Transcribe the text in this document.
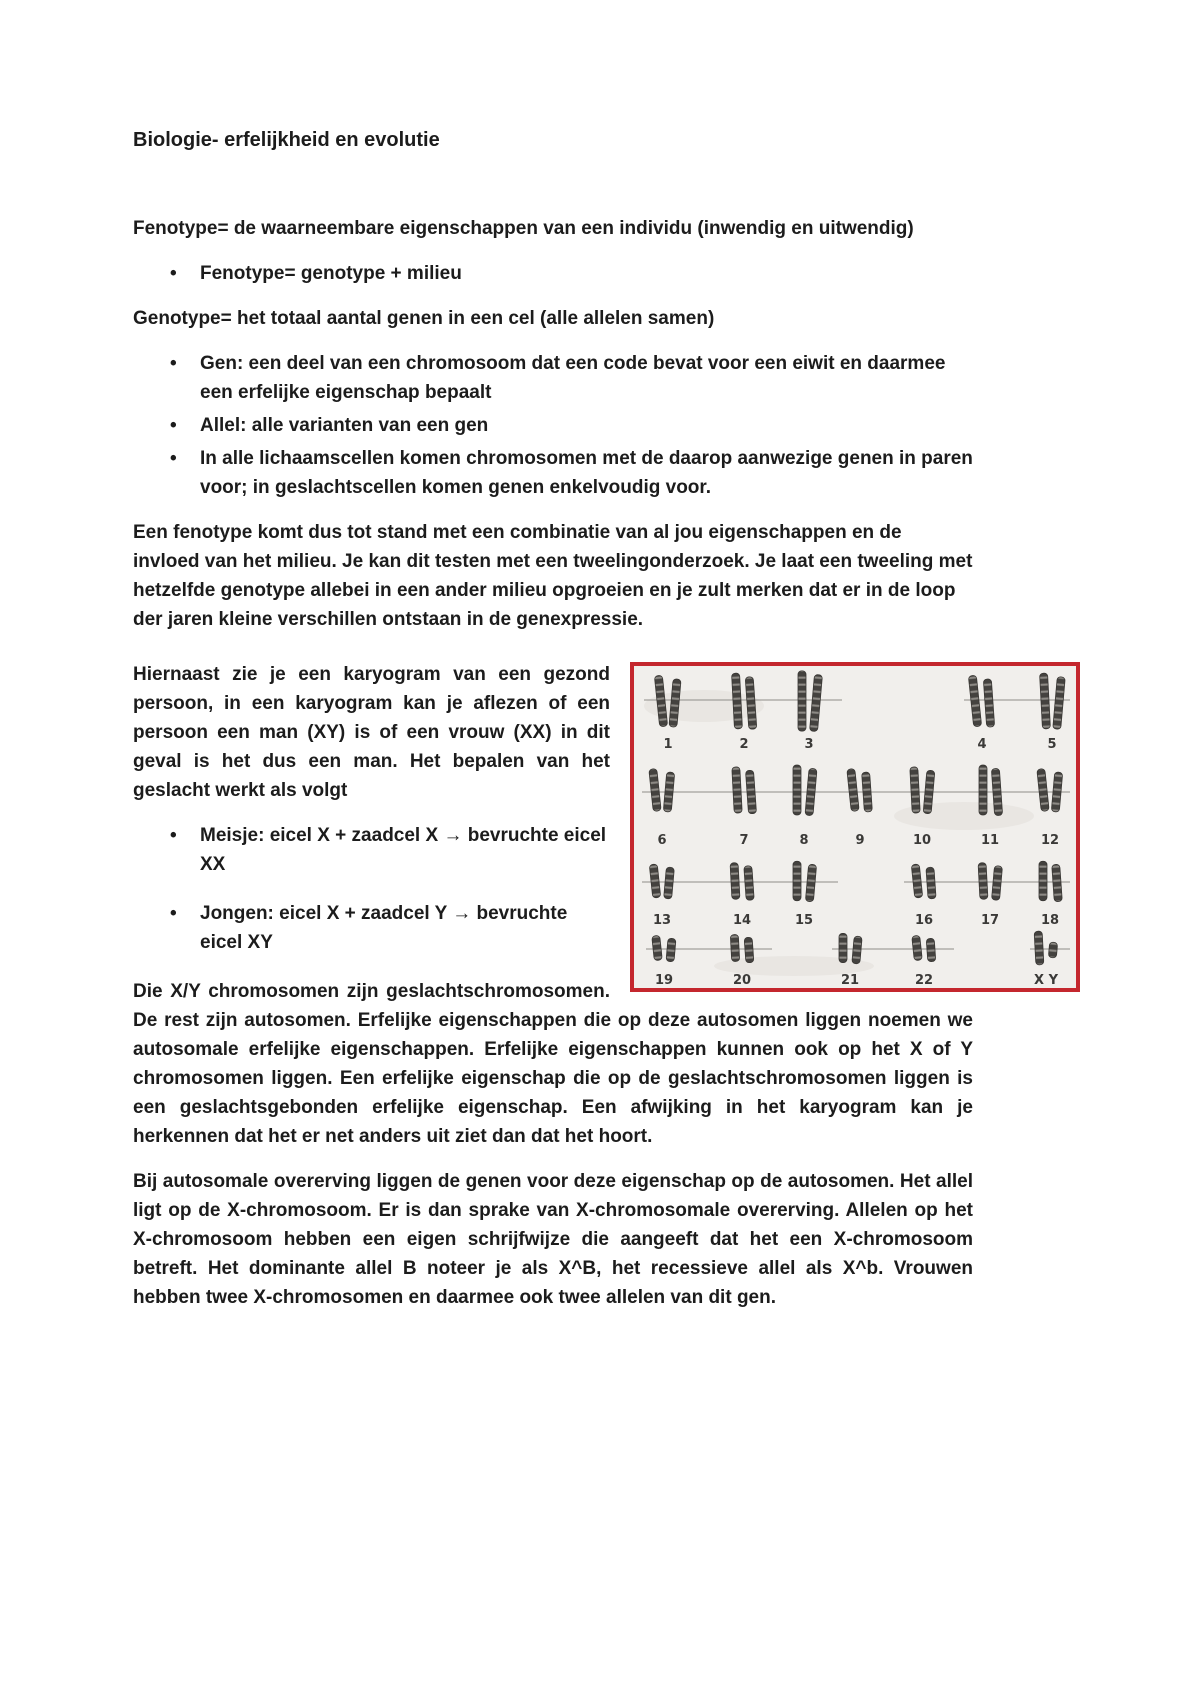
Biologie- erfelijkheid en evolutie

Fenotype= de waarneembare eigenschappen van een individu (inwendig en uitwendig)

• Fenotype= genotype + milieu

Genotype= het totaal aantal genen in een cel (alle allelen samen)

• Gen: een deel van een chromosoom dat een code bevat voor een eiwit en daarmee een erfelijke eigenschap bepaalt
• Allel: alle varianten van een gen
• In alle lichaamscellen komen chromosomen met de daarop aanwezige genen in paren voor; in geslachtscellen komen genen enkelvoudig voor.

Een fenotype komt dus tot stand met een combinatie van al jou eigenschappen en de invloed van het milieu. Je kan dit testen met een tweelingonderzoek. Je laat een tweeling met hetzelfde genotype allebei in een ander milieu opgroeien en je zult merken dat er in de loop der jaren kleine verschillen ontstaan in de genexpressie.

1	2	3	4	5
6	7	8	9	10	11	12
13	14	15	16	17	18
19	20	21	22	X Y

Hiernaast zie je een karyogram van een gezond persoon, in een karyogram kan je aflezen of een persoon een man (XY) is of een vrouw (XX) in dit geval is het dus een man. Het bepalen van het geslacht werkt als volgt

• Meisje: eicel X + zaadcel X → bevruchte eicel XX
• Jongen: eicel X + zaadcel Y → bevruchte eicel XY

Die X/Y chromosomen zijn geslachtschromosomen. De rest zijn autosomen. Erfelijke eigenschappen die op deze autosomen liggen noemen we autosomale erfelijke eigenschappen. Erfelijke eigenschappen kunnen ook op het X of Y chromosomen liggen. Een erfelijke eigenschap die op de geslachtschromosomen liggen is een geslachtsgebonden erfelijke eigenschap. Een afwijking in het karyogram kan je herkennen dat het er net anders uit ziet dan dat het hoort.

Bij autosomale overerving liggen de genen voor deze eigenschap op de autosomen. Het allel ligt op de X-chromosoom. Er is dan sprake van X-chromosomale overerving. Allelen op het X-chromosoom hebben een eigen schrijfwijze die aangeeft dat het een X-chromosoom betreft. Het dominante allel B noteer je als X^B, het recessieve allel als X^b. Vrouwen hebben twee X-chromosomen en daarmee ook twee allelen van dit gen.
